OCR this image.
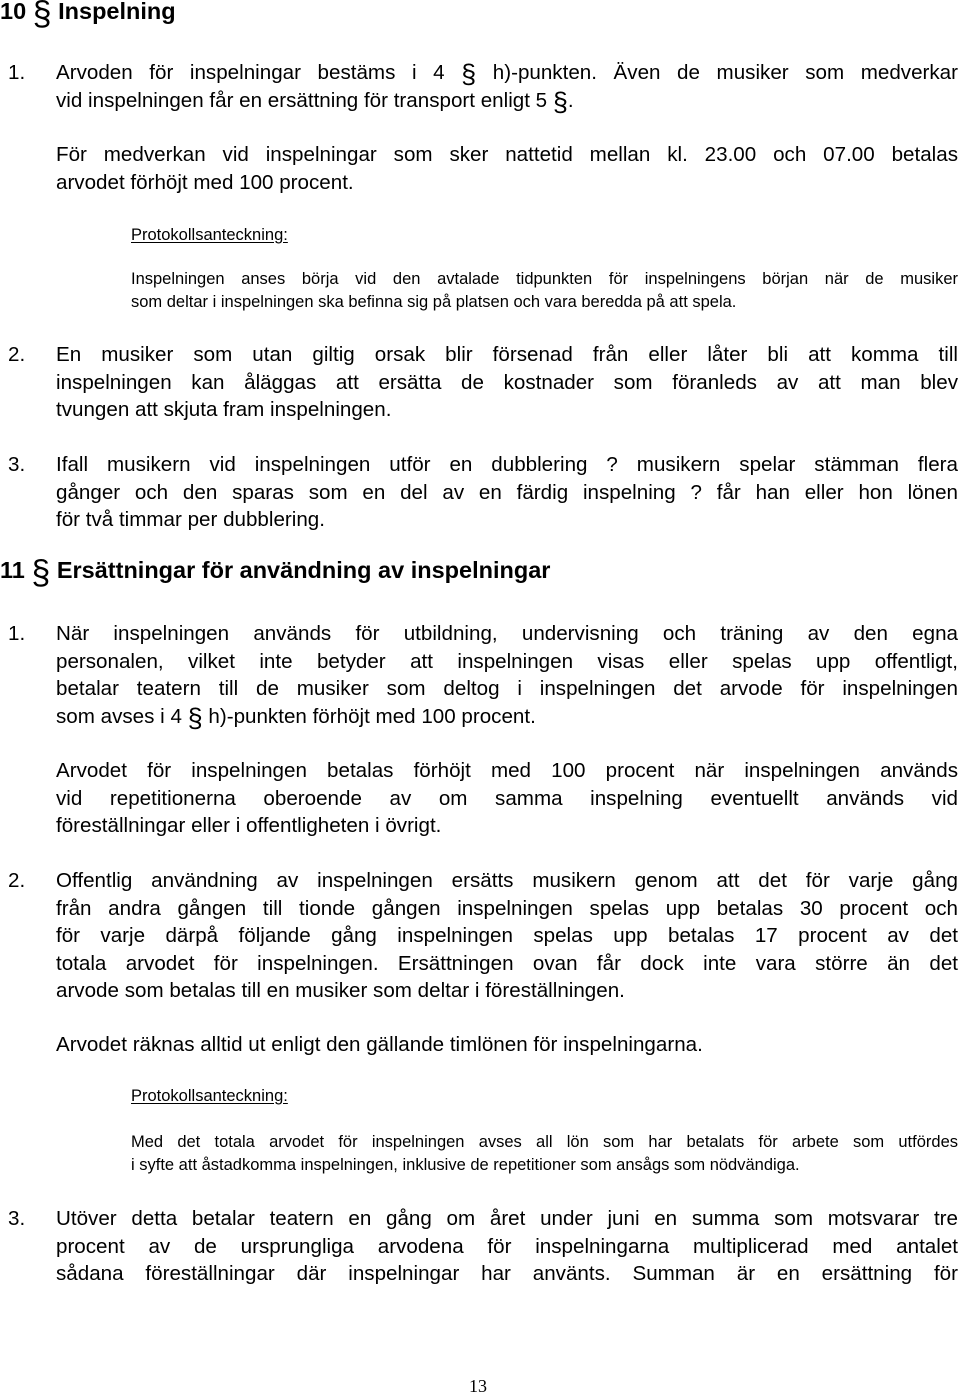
10 § Inspelning
1. Arvoden för inspelningar bestäms i 4 § h)-punkten. Även de musiker som medverkar
vid inspelningen får en ersättning för transport enligt 5 §.
För medverkan vid inspelningar som sker nattetid mellan kl. 23.00 och 07.00 betalas
arvodet förhöjt med 100 procent.
Protokollsanteckning:
Inspelningen anses börja vid den avtalade tidpunkten för inspelningens början när de musiker
som deltar i inspelningen ska befinna sig på platsen och vara beredda på att spela.
2. En musiker som utan giltig orsak blir försenad från eller låter bli att komma till
inspelningen kan åläggas att ersätta de kostnader som föranleds av att man blev
tvungen att skjuta fram inspelningen.
3. Ifall musikern vid inspelningen utför en dubblering ? musikern spelar stämman flera
gånger och den sparas som en del av en färdig inspelning ? får han eller hon lönen
för två timmar per dubblering.
11 § Ersättningar för användning av inspelningar
1. När inspelningen används för utbildning, undervisning och träning av den egna
personalen, vilket inte betyder att inspelningen visas eller spelas upp offentligt,
betalar teatern till de musiker som deltog i inspelningen det arvode för inspelningen
som avses i 4 § h)-punkten förhöjt med 100 procent.
Arvodet för inspelningen betalas förhöjt med 100 procent när inspelningen används
vid repetitionerna oberoende av om samma inspelning eventuellt används vid
föreställningar eller i offentligheten i övrigt.
2. Offentlig användning av inspelningen ersätts musikern genom att det för varje gång
från andra gången till tionde gången inspelningen spelas upp betalas 30 procent och
för varje därpå följande gång inspelningen spelas upp betalas 17 procent av det
totala arvodet för inspelningen. Ersättningen ovan får dock inte vara större än det
arvode som betalas till en musiker som deltar i föreställningen.
Arvodet räknas alltid ut enligt den gällande timlönen för inspelningarna.
Protokollsanteckning:
Med det totala arvodet för inspelningen avses all lön som har betalats för arbete som utfördes
i syfte att åstadkomma inspelningen, inklusive de repetitioner som ansågs som nödvändiga.
3. Utöver detta betalar teatern en gång om året under juni en summa som motsvarar tre
procent av de ursprungliga arvodena för inspelningarna multiplicerad med antalet
sådana föreställningar där inspelningar har använts. Summan är en ersättning för
13
